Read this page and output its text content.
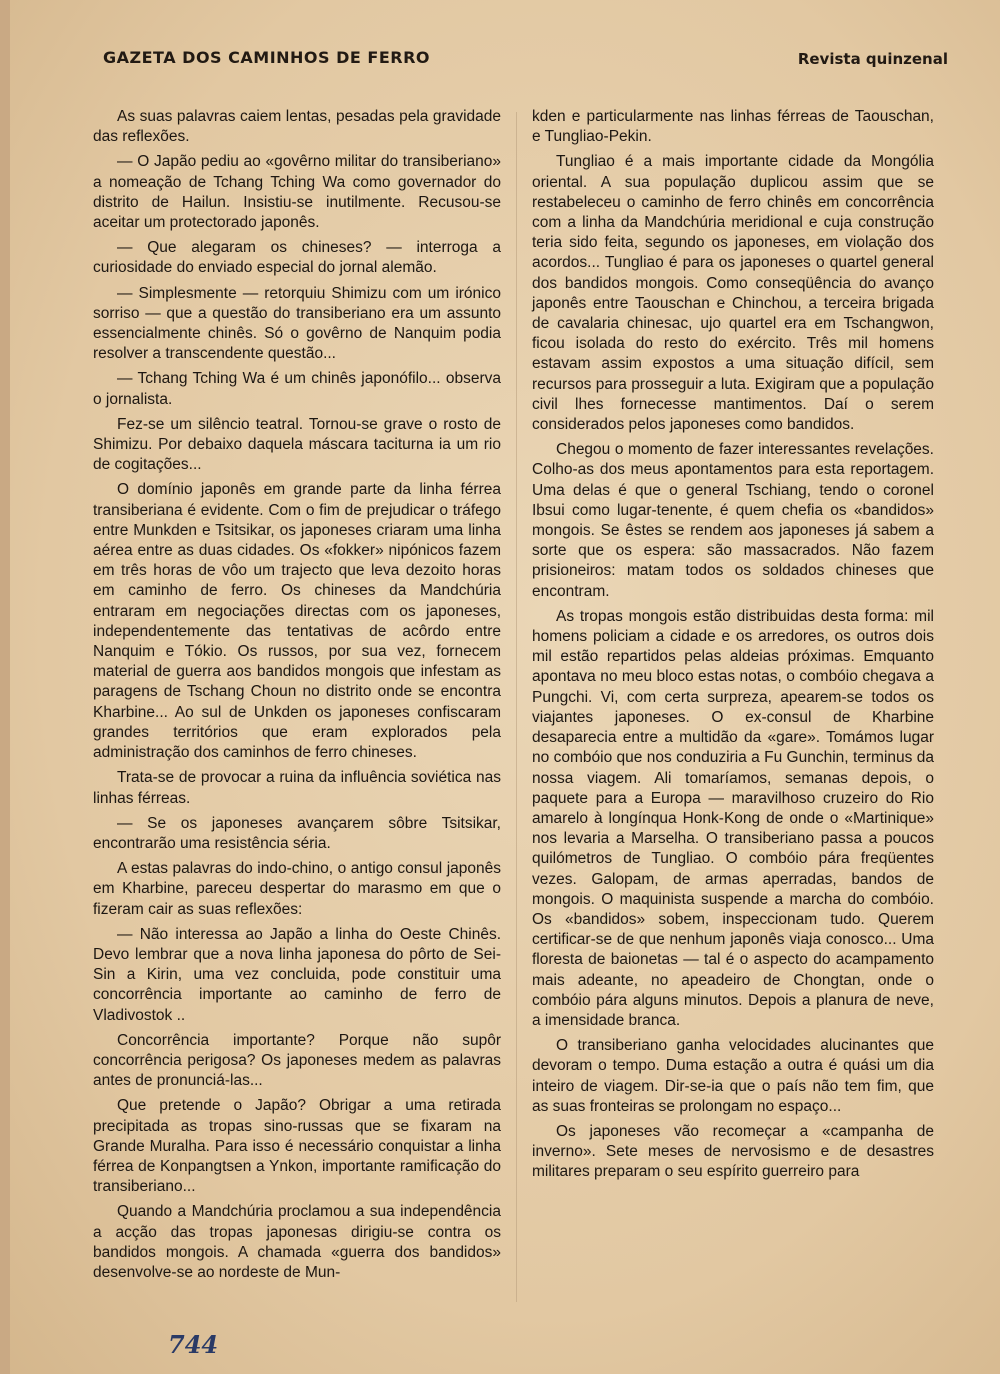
GAZETA DOS CAMINHOS DE FERRO	Revista quinzenal

As suas palavras caiem lentas, pesadas pela gravidade das reflexões.

— O Japão pediu ao «govêrno militar do transiberiano» a nomeação de Tchang Tching Wa como governador do distrito de Hailun. Insistiu-se inutilmente. Recusou-se aceitar um protectorado japonês.

— Que alegaram os chineses? — interroga a curiosidade do enviado especial do jornal alemão.

— Simplesmente — retorquiu Shimizu com um irónico sorriso — que a questão do transiberiano era um assunto essencialmente chinês. Só o govêrno de Nanquim podia resolver a transcendente questão...

— Tchang Tching Wa é um chinês japonófilo... observa o jornalista.

Fez-se um silêncio teatral. Tornou-se grave o rosto de Shimizu. Por debaixo daquela máscara taciturna ia um rio de cogitações...

O domínio japonês em grande parte da linha férrea transiberiana é evidente. Com o fim de prejudicar o tráfego entre Munkden e Tsitsikar, os japoneses criaram uma linha aérea entre as duas cidades. Os «fokker» nipónicos fazem em três horas de vôo um trajecto que leva dezoito horas em caminho de ferro. Os chineses da Mandchúria entraram em negociações directas com os japoneses, independentemente das tentativas de acôrdo entre Nanquim e Tókio. Os russos, por sua vez, fornecem material de guerra aos bandidos mongois que infestam as paragens de Tschang Choun no distrito onde se encontra Kharbine... Ao sul de Unkden os japoneses confiscaram grandes territórios que eram explorados pela administração dos caminhos de ferro chineses.

Trata-se de provocar a ruina da influência soviética nas linhas férreas.

— Se os japoneses avançarem sôbre Tsitsikar, encontrarão uma resistência séria.

A estas palavras do indo-chino, o antigo consul japonês em Kharbine, pareceu despertar do marasmo em que o fizeram cair as suas reflexões:

— Não interessa ao Japão a linha do Oeste Chinês. Devo lembrar que a nova linha japonesa do pôrto de Sei-Sin a Kirin, uma vez concluida, pode constituir uma concorrência importante ao caminho de ferro de Vladivostok ..

Concorrência importante? Porque não supôr concorrência perigosa? Os japoneses medem as palavras antes de pronunciá-las...

Que pretende o Japão? Obrigar a uma retirada precipitada as tropas sino-russas que se fixaram na Grande Muralha. Para isso é necessário conquistar a linha férrea de Konpangtsen a Ynkon, importante ramificação do transiberiano...

Quando a Mandchúria proclamou a sua independência a acção das tropas japonesas dirigiu-se contra os bandidos mongois. A chamada «guerra dos bandidos» desenvolve-se ao nordeste de Mun-

kden e particularmente nas linhas férreas de Taouschan, e Tungliao-Pekin.

Tungliao é a mais importante cidade da Mongólia oriental. A sua população duplicou assim que se restabeleceu o caminho de ferro chinês em concorrência com a linha da Mandchúria meridional e cuja construção teria sido feita, segundo os japoneses, em violação dos acordos... Tungliao é para os japoneses o quartel general dos bandidos mongois. Como conseqüência do avanço japonês entre Taouschan e Chinchou, a terceira brigada de cavalaria chinesac, ujo quartel era em Tschangwon, ficou isolada do resto do exército. Três mil homens estavam assim expostos a uma situação difícil, sem recursos para prosseguir a luta. Exigiram que a população civil lhes fornecesse mantimentos. Daí o serem considerados pelos japoneses como bandidos.

Chegou o momento de fazer interessantes revelações. Colho-as dos meus apontamentos para esta reportagem. Uma delas é que o general Tschiang, tendo o coronel Ibsui como lugar-tenente, é quem chefia os «bandidos» mongois. Se êstes se rendem aos japoneses já sabem a sorte que os espera: são massacrados. Não fazem prisioneiros: matam todos os soldados chineses que encontram.

As tropas mongois estão distribuidas desta forma: mil homens policiam a cidade e os arredores, os outros dois mil estão repartidos pelas aldeias próximas. Emquanto apontava no meu bloco estas notas, o combóio chegava a Pungchi. Vi, com certa surpreza, apearem-se todos os viajantes japoneses. O ex-consul de Kharbine desaparecia entre a multidão da «gare». Tomámos lugar no combóio que nos conduziria a Fu Gunchin, terminus da nossa viagem. Ali tomaríamos, semanas depois, o paquete para a Europa — maravilhoso cruzeiro do Rio amarelo à longínqua Honk-Kong de onde o «Martinique» nos levaria a Marselha. O transiberiano passa a poucos quilómetros de Tungliao. O combóio pára freqüentes vezes. Galopam, de armas aperradas, bandos de mongois. O maquinista suspende a marcha do combóio. Os «bandidos» sobem, inspeccionam tudo. Querem certificar-se de que nenhum japonês viaja conosco... Uma floresta de baionetas — tal é o aspecto do acampamento mais adeante, no apeadeiro de Chongtan, onde o combóio pára alguns minutos. Depois a planura de neve, a imensidade branca.

O transiberiano ganha velocidades alucinantes que devoram o tempo. Duma estação a outra é quási um dia inteiro de viagem. Dir-se-ia que o país não tem fim, que as suas fronteiras se prolongam no espaço...

Os japoneses vão recomeçar a «campanha de inverno». Sete meses de nervosismo e de desastres militares preparam o seu espírito guerreiro para

744
